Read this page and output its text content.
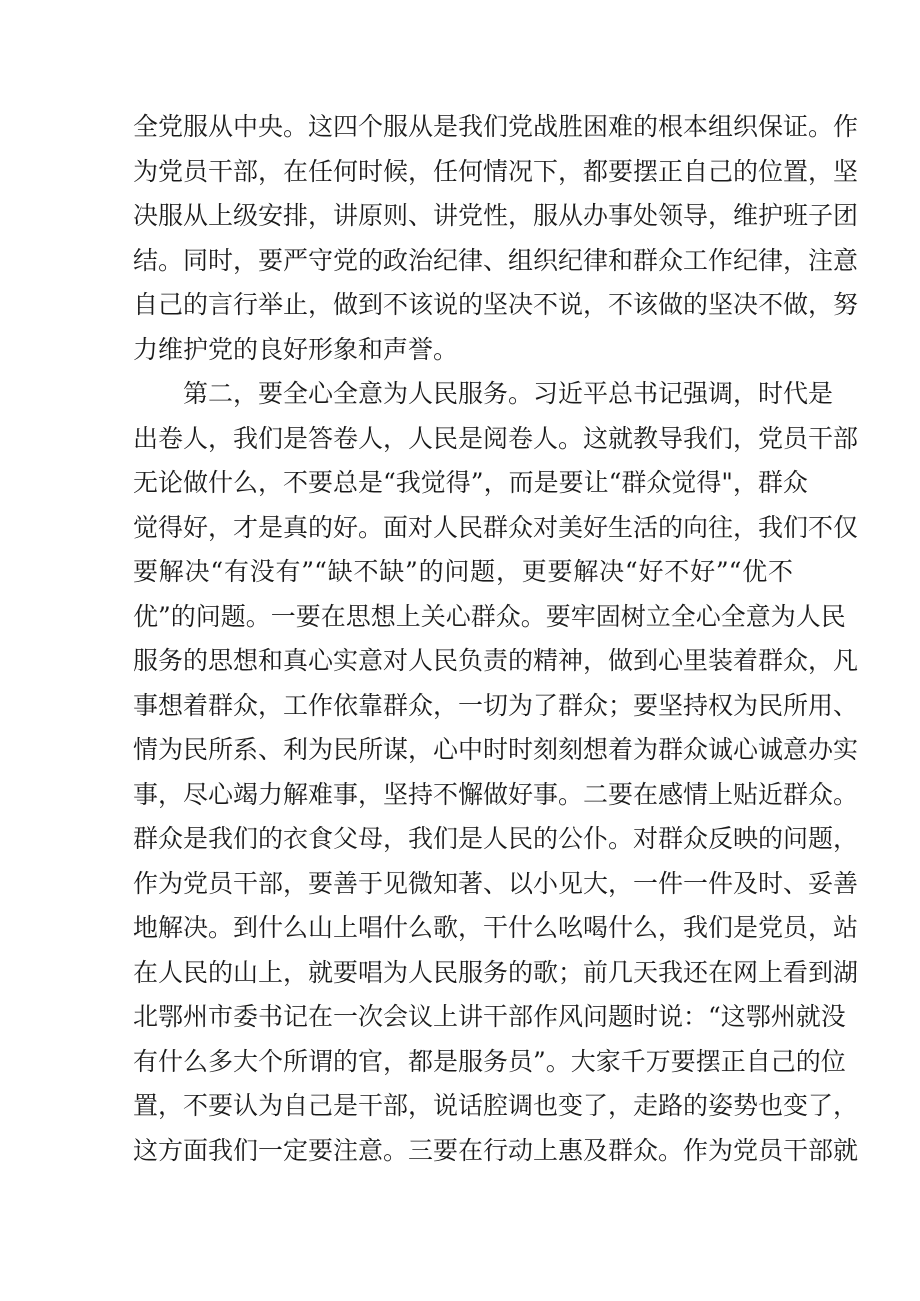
全党服从中央。这四个服从是我们党战胜困难的根本组织保证。作
为党员干部，在任何时候，任何情况下，都要摆正自己的位置，坚
决服从上级安排，讲原则、讲党性，服从办事处领导，维护班子团
结。同时，要严守党的政治纪律、组织纪律和群众工作纪律，注意
自己的言行举止，做到不该说的坚决不说，不该做的坚决不做，努
力维护党的良好形象和声誉。
第二，要全心全意为人民服务。习近平总书记强调，时代是
出卷人，我们是答卷人，人民是阅卷人。这就教导我们，党员干部
无论做什么，不要总是“我觉得”，而是要让“群众觉得"，群众
觉得好，才是真的好。面对人民群众对美好生活的向往，我们不仅
要解决“有没有”“缺不缺”的问题，更要解决“好不好”“优不
优”的问题。一要在思想上关心群众。要牢固树立全心全意为人民
服务的思想和真心实意对人民负责的精神，做到心里装着群众，凡
事想着群众，工作依靠群众，一切为了群众；要坚持权为民所用、
情为民所系、利为民所谋，心中时时刻刻想着为群众诚心诚意办实
事，尽心竭力解难事，坚持不懈做好事。二要在感情上贴近群众。
群众是我们的衣食父母，我们是人民的公仆。对群众反映的问题，
作为党员干部，要善于见微知著、以小见大，一件一件及时、妥善
地解决。到什么山上唱什么歌，干什么吆喝什么，我们是党员，站
在人民的山上，就要唱为人民服务的歌；前几天我还在网上看到湖
北鄂州市委书记在一次会议上讲干部作风问题时说：“这鄂州就没
有什么多大个所谓的官，都是服务员”。大家千万要摆正自己的位
置，不要认为自己是干部，说话腔调也变了，走路的姿势也变了，
这方面我们一定要注意。三要在行动上惠及群众。作为党员干部就
